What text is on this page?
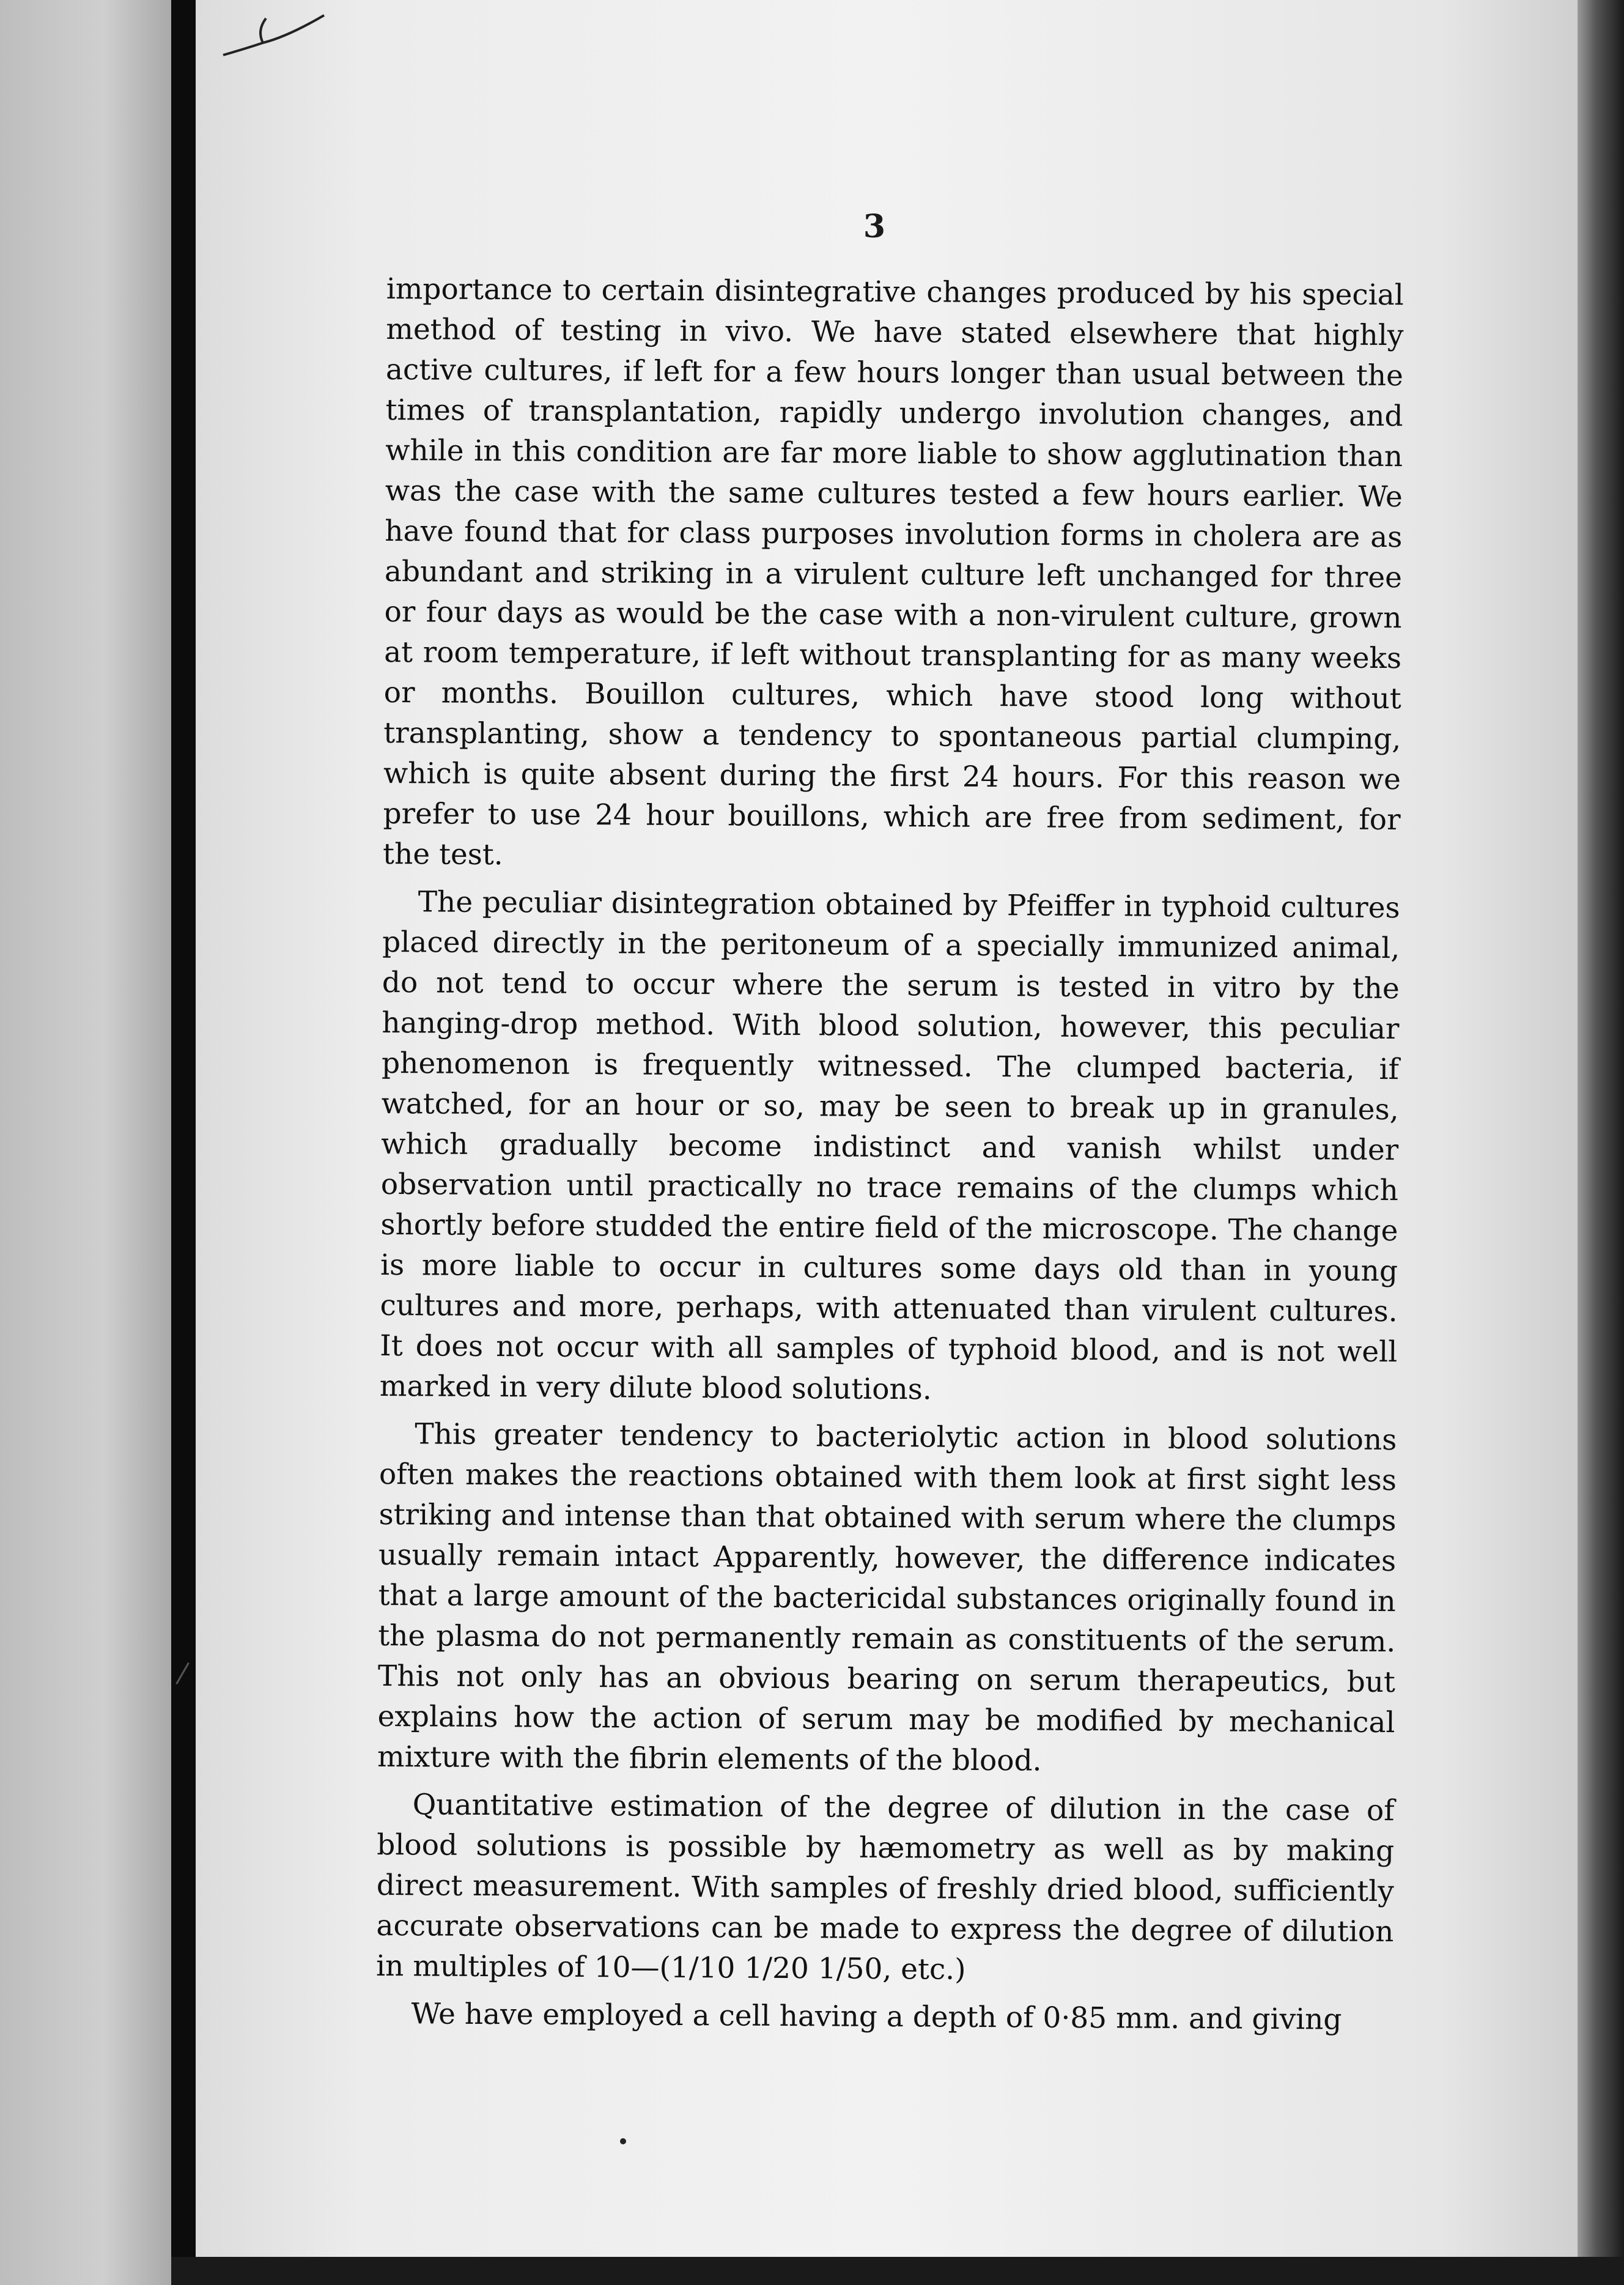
3

importance to certain disintegrative changes produced by his special method of testing in vivo. We have stated elsewhere that highly active cultures, if left for a few hours longer than usual between the times of transplantation, rapidly undergo involution changes, and while in this condition are far more liable to show agglutination than was the case with the same cultures tested a few hours earlier. We have found that for class purposes involution forms in cholera are as abundant and striking in a virulent culture left unchanged for three or four days as would be the case with a non-virulent culture, grown at room temperature, if left without transplanting for as many weeks or months. Bouillon cultures, which have stood long without transplanting, show a tendency to spontaneous partial clumping, which is quite absent during the first 24 hours. For this reason we prefer to use 24 hour bouillons, which are free from sediment, for the test.

The peculiar disintegration obtained by Pfeiffer in typhoid cultures placed directly in the peritoneum of a specially immunized animal, do not tend to occur where the serum is tested in vitro by the hanging-drop method. With blood solution, however, this peculiar phenomenon is frequently witnessed. The clumped bacteria, if watched, for an hour or so, may be seen to break up in granules, which gradually become indistinct and vanish whilst under observation until practically no trace remains of the clumps which shortly before studded the entire field of the microscope. The change is more liable to occur in cultures some days old than in young cultures and more, perhaps, with attenuated than virulent cultures. It does not occur with all samples of typhoid blood, and is not well marked in very dilute blood solutions.

This greater tendency to bacteriolytic action in blood solutions often makes the reactions obtained with them look at first sight less striking and intense than that obtained with serum where the clumps usually remain intact Apparently, however, the difference indicates that a large amount of the bactericidal substances originally found in the plasma do not permanently remain as constituents of the serum. This not only has an obvious bearing on serum therapeutics, but explains how the action of serum may be modified by mechanical mixture with the fibrin elements of the blood.

Quantitative estimation of the degree of dilution in the case of blood solutions is possible by hæmometry as well as by making direct measurement. With samples of freshly dried blood, sufficiently accurate observations can be made to express the degree of dilution in multiples of 10—(1/10 1/20 1/50, etc.)

We have employed a cell having a depth of 0·85 mm. and giving
